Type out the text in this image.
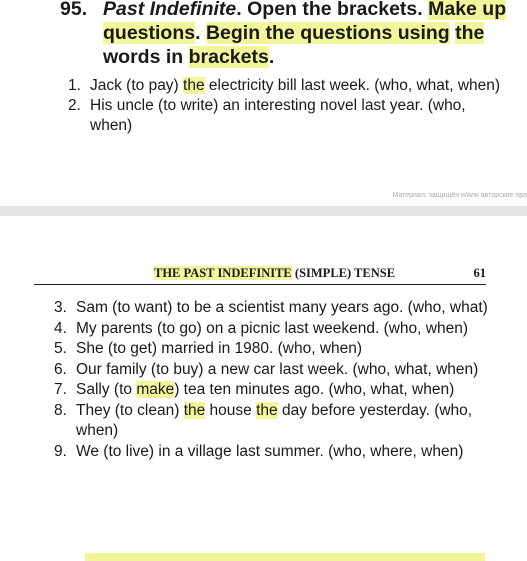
95. Past Indefinite. Open the brackets. Make up questions. Begin the questions using the words in brackets.
1. Jack (to pay) the electricity bill last week. (who, what, when)
2. His uncle (to write) an interesting novel last year. (who, when)
Материал, защищён и/или авторские пра
THE PAST INDEFINITE (SIMPLE) TENSE	61
3. Sam (to want) to be a scientist many years ago. (who, what)
4. My parents (to go) on a picnic last weekend. (who, when)
5. She (to get) married in 1980. (who, when)
6. Our family (to buy) a new car last week. (who, what, when)
7. Sally (to make) tea ten minutes ago. (who, what, when)
8. They (to clean) the house the day before yesterday. (who, when)
9. We (to live) in a village last summer. (who, where, when)
